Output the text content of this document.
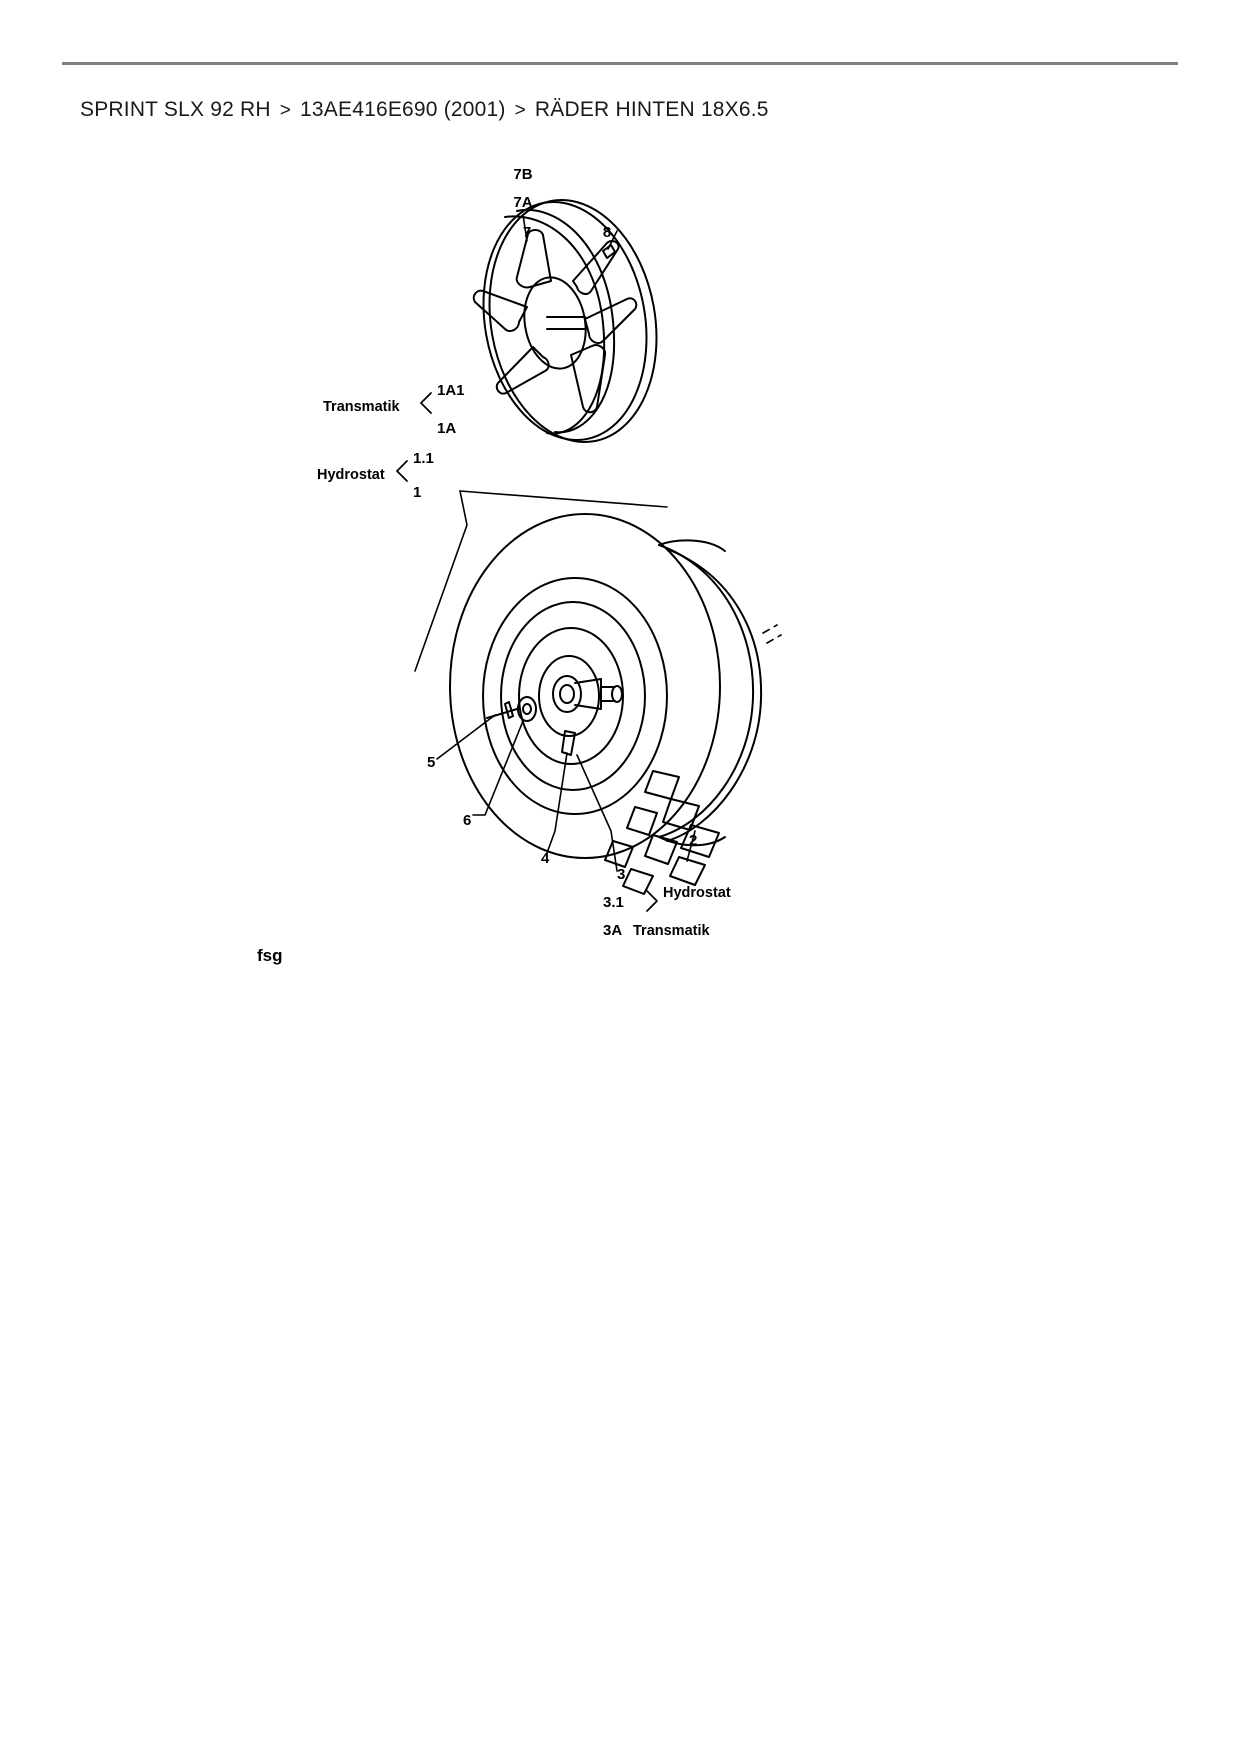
SPRINT SLX 92 RH > 13AE416E690 (2001) > RÄDER HINTEN 18X6.5
7B
7A
7	8
Transmatik
1A1
1A
Hydrostat
1.1
1
5
6
4
2
3
3.1
Hydrostat
3A Transmatik
fsg
